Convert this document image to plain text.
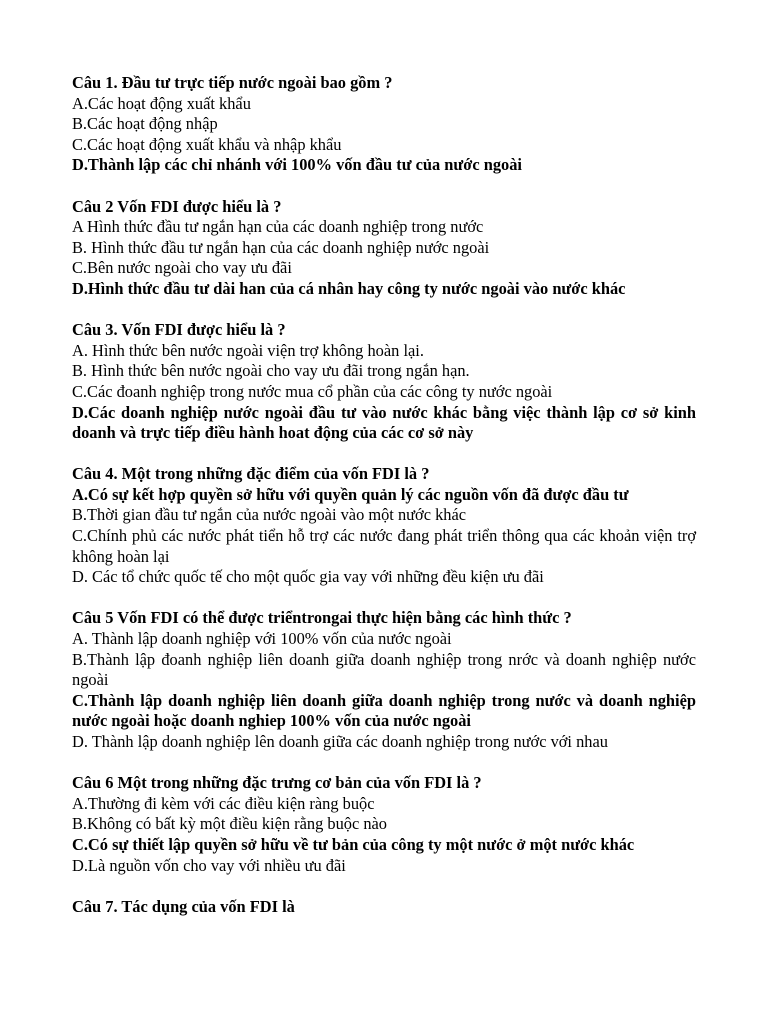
Câu 1. Đầu tư trực tiếp nước ngoài bao gồm ?

A.Các hoạt động xuất khẩu

B.Các hoạt động nhập

C.Các hoạt động xuất khẩu và nhập khẩu

D.Thành lập các chỉ nhánh với 100% vốn đầu tư của nước ngoài

Câu 2 Vốn FDI được hiểu là ?

A Hình thức đầu tư ngắn hạn của các doanh nghiệp trong nước

B. Hình thức đầu tư ngắn hạn của các doanh nghiệp nước ngoài

C.Bên nước ngoài cho vay ưu đãi

D.Hình thức đầu tư dài han của cá nhân hay công ty nước ngoài vào nước khác

Câu 3. Vốn FDI được hiểu là ?

A. Hình thức bên nước ngoài viện trợ không hoàn lại.

B. Hình thức bên nước ngoài cho vay ưu đãi trong ngắn hạn.

C.Các đoanh nghiệp trong nước mua cổ phần của các công ty nước ngoài

D.Các doanh nghiệp nước ngoài đầu tư vào nước khác bằng việc thành lập cơ sở kinh doanh và trực tiếp điều hành hoat động của các cơ sở này

Câu 4. Một trong những đặc điểm của vốn FDI là ?

A.Có sự kết hợp quyền sở hữu với quyền quản lý các nguồn vốn đã được đầu tư

B.Thời gian đầu tư ngắn của nước ngoài vào một nước khác

C.Chính phủ các nước phát tiển hỗ trợ các nước đang phát triển thông qua các khoản viện trợ không hoàn lại

D. Các tổ chức quốc tế cho một quốc gia vay với những đều kiện ưu đãi

Câu 5 Vốn FDI có thể được triểntrongai thực hiện bằng các hình thức ?

A. Thành lập doanh nghiệp với 100% vốn của nước ngoài

B.Thành lập đoanh nghiệp liên doanh giữa doanh nghiệp trong nrớc và doanh nghiệp nước ngoài

C.Thành lập doanh nghiệp liên doanh giữa doanh nghiệp trong nước và doanh nghiệp nước ngoài hoặc doanh nghiep 100% vốn của nước ngoài

D. Thành lập doanh nghiệp lên doanh giữa các doanh nghiệp trong nước với nhau

Câu 6 Một trong những đặc trưng cơ bản của vốn FDI là ?

A.Thường đi kèm với các điều kiện ràng buộc

B.Không có bất kỳ một điều kiện rằng buộc nào

C.Có sự thiết lập quyền sở hữu về tư bản của công ty một nước ở một nước khác

D.Là nguồn vốn cho vay với nhiều ưu đãi

Câu 7. Tác dụng của vốn FDI là
